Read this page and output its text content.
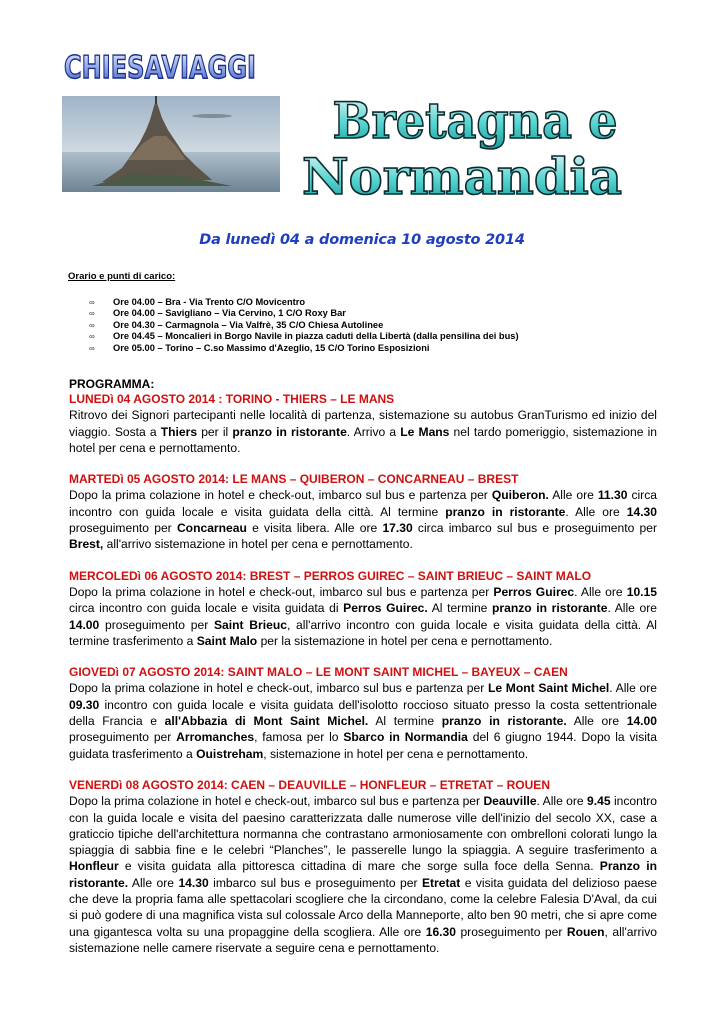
CHIESAVIAGGI
Bretagna e
Normandia
Da lunedì 04 a domenica 10 agosto 2014
Orario e punti di carico:
∞ Ore 04.00 – Bra - Via Trento C/O Movicentro
∞ Ore 04.00 – Savigliano – Via Cervino, 1 C/O Roxy Bar
∞ Ore 04.30 – Carmagnola – Via Valfrè, 35 C/O Chiesa Autolinee
∞ Ore 04.45 – Moncalieri in Borgo Navile in piazza caduti della Libertà (dalla pensilina dei bus)
∞ Ore 05.00 – Torino – C.so Massimo d'Azeglio, 15 C/O Torino Esposizioni
PROGRAMMA:
LUNEDì 04 AGOSTO 2014 : TORINO - THIERS – LE MANS
Ritrovo dei Signori partecipanti nelle località di partenza, sistemazione su autobus GranTurismo ed inizio del viaggio. Sosta a Thiers per il pranzo in ristorante. Arrivo a Le Mans nel tardo pomeriggio, sistemazione in hotel per cena e pernottamento.
MARTEDì 05 AGOSTO 2014: LE MANS – QUIBERON – CONCARNEAU – BREST
Dopo la prima colazione in hotel e check-out, imbarco sul bus e partenza per Quiberon. Alle ore 11.30 circa incontro con guida locale e visita guidata della città. Al termine pranzo in ristorante. Alle ore 14.30 proseguimento per Concarneau e visita libera. Alle ore 17.30 circa imbarco sul bus e proseguimento per Brest, all'arrivo sistemazione in hotel per cena e pernottamento.
MERCOLEDì 06 AGOSTO 2014: BREST – PERROS GUIREC – SAINT BRIEUC – SAINT MALO
Dopo la prima colazione in hotel e check-out, imbarco sul bus e partenza per Perros Guirec. Alle ore 10.15 circa incontro con guida locale e visita guidata di Perros Guirec. Al termine pranzo in ristorante. Alle ore 14.00 proseguimento per Saint Brieuc, all'arrivo incontro con guida locale e visita guidata della città. Al termine trasferimento a Saint Malo per la sistemazione in hotel per cena e pernottamento.
GIOVEDì 07 AGOSTO 2014: SAINT MALO – LE MONT SAINT MICHEL – BAYEUX – CAEN
Dopo la prima colazione in hotel e check-out, imbarco sul bus e partenza per Le Mont Saint Michel. Alle ore 09.30 incontro con guida locale e visita guidata dell'isolotto roccioso situato presso la costa settentrionale della Francia e all'Abbazia di Mont Saint Michel. Al termine pranzo in ristorante. Alle ore 14.00 proseguimento per Arromanches, famosa per lo Sbarco in Normandia del 6 giugno 1944. Dopo la visita guidata trasferimento a Ouistreham, sistemazione in hotel per cena e pernottamento.
VENERDì 08 AGOSTO 2014: CAEN – DEAUVILLE – HONFLEUR – ETRETAT – ROUEN
Dopo la prima colazione in hotel e check-out, imbarco sul bus e partenza per Deauville. Alle ore 9.45 incontro con la guida locale e visita del paesino caratterizzata dalle numerose ville dell'inizio del secolo XX, case a graticcio tipiche dell'architettura normanna che contrastano armoniosamente con ombrelloni colorati lungo la spiaggia di sabbia fine e le celebri “Planches”, le passerelle lungo la spiaggia. A seguire trasferimento a Honfleur e visita guidata alla pittoresca cittadina di mare che sorge sulla foce della Senna. Pranzo in ristorante. Alle ore 14.30 imbarco sul bus e proseguimento per Etretat e visita guidata del delizioso paese che deve la propria fama alle spettacolari scogliere che la circondano, come la celebre Falesia D'Aval, da cui si può godere di una magnifica vista sul colossale Arco della Manneporte, alto ben 90 metri, che si apre come una gigantesca volta su una propaggine della scogliera. Alle ore 16.30 proseguimento per Rouen, all'arrivo sistemazione nelle camere riservate a seguire cena e pernottamento.
